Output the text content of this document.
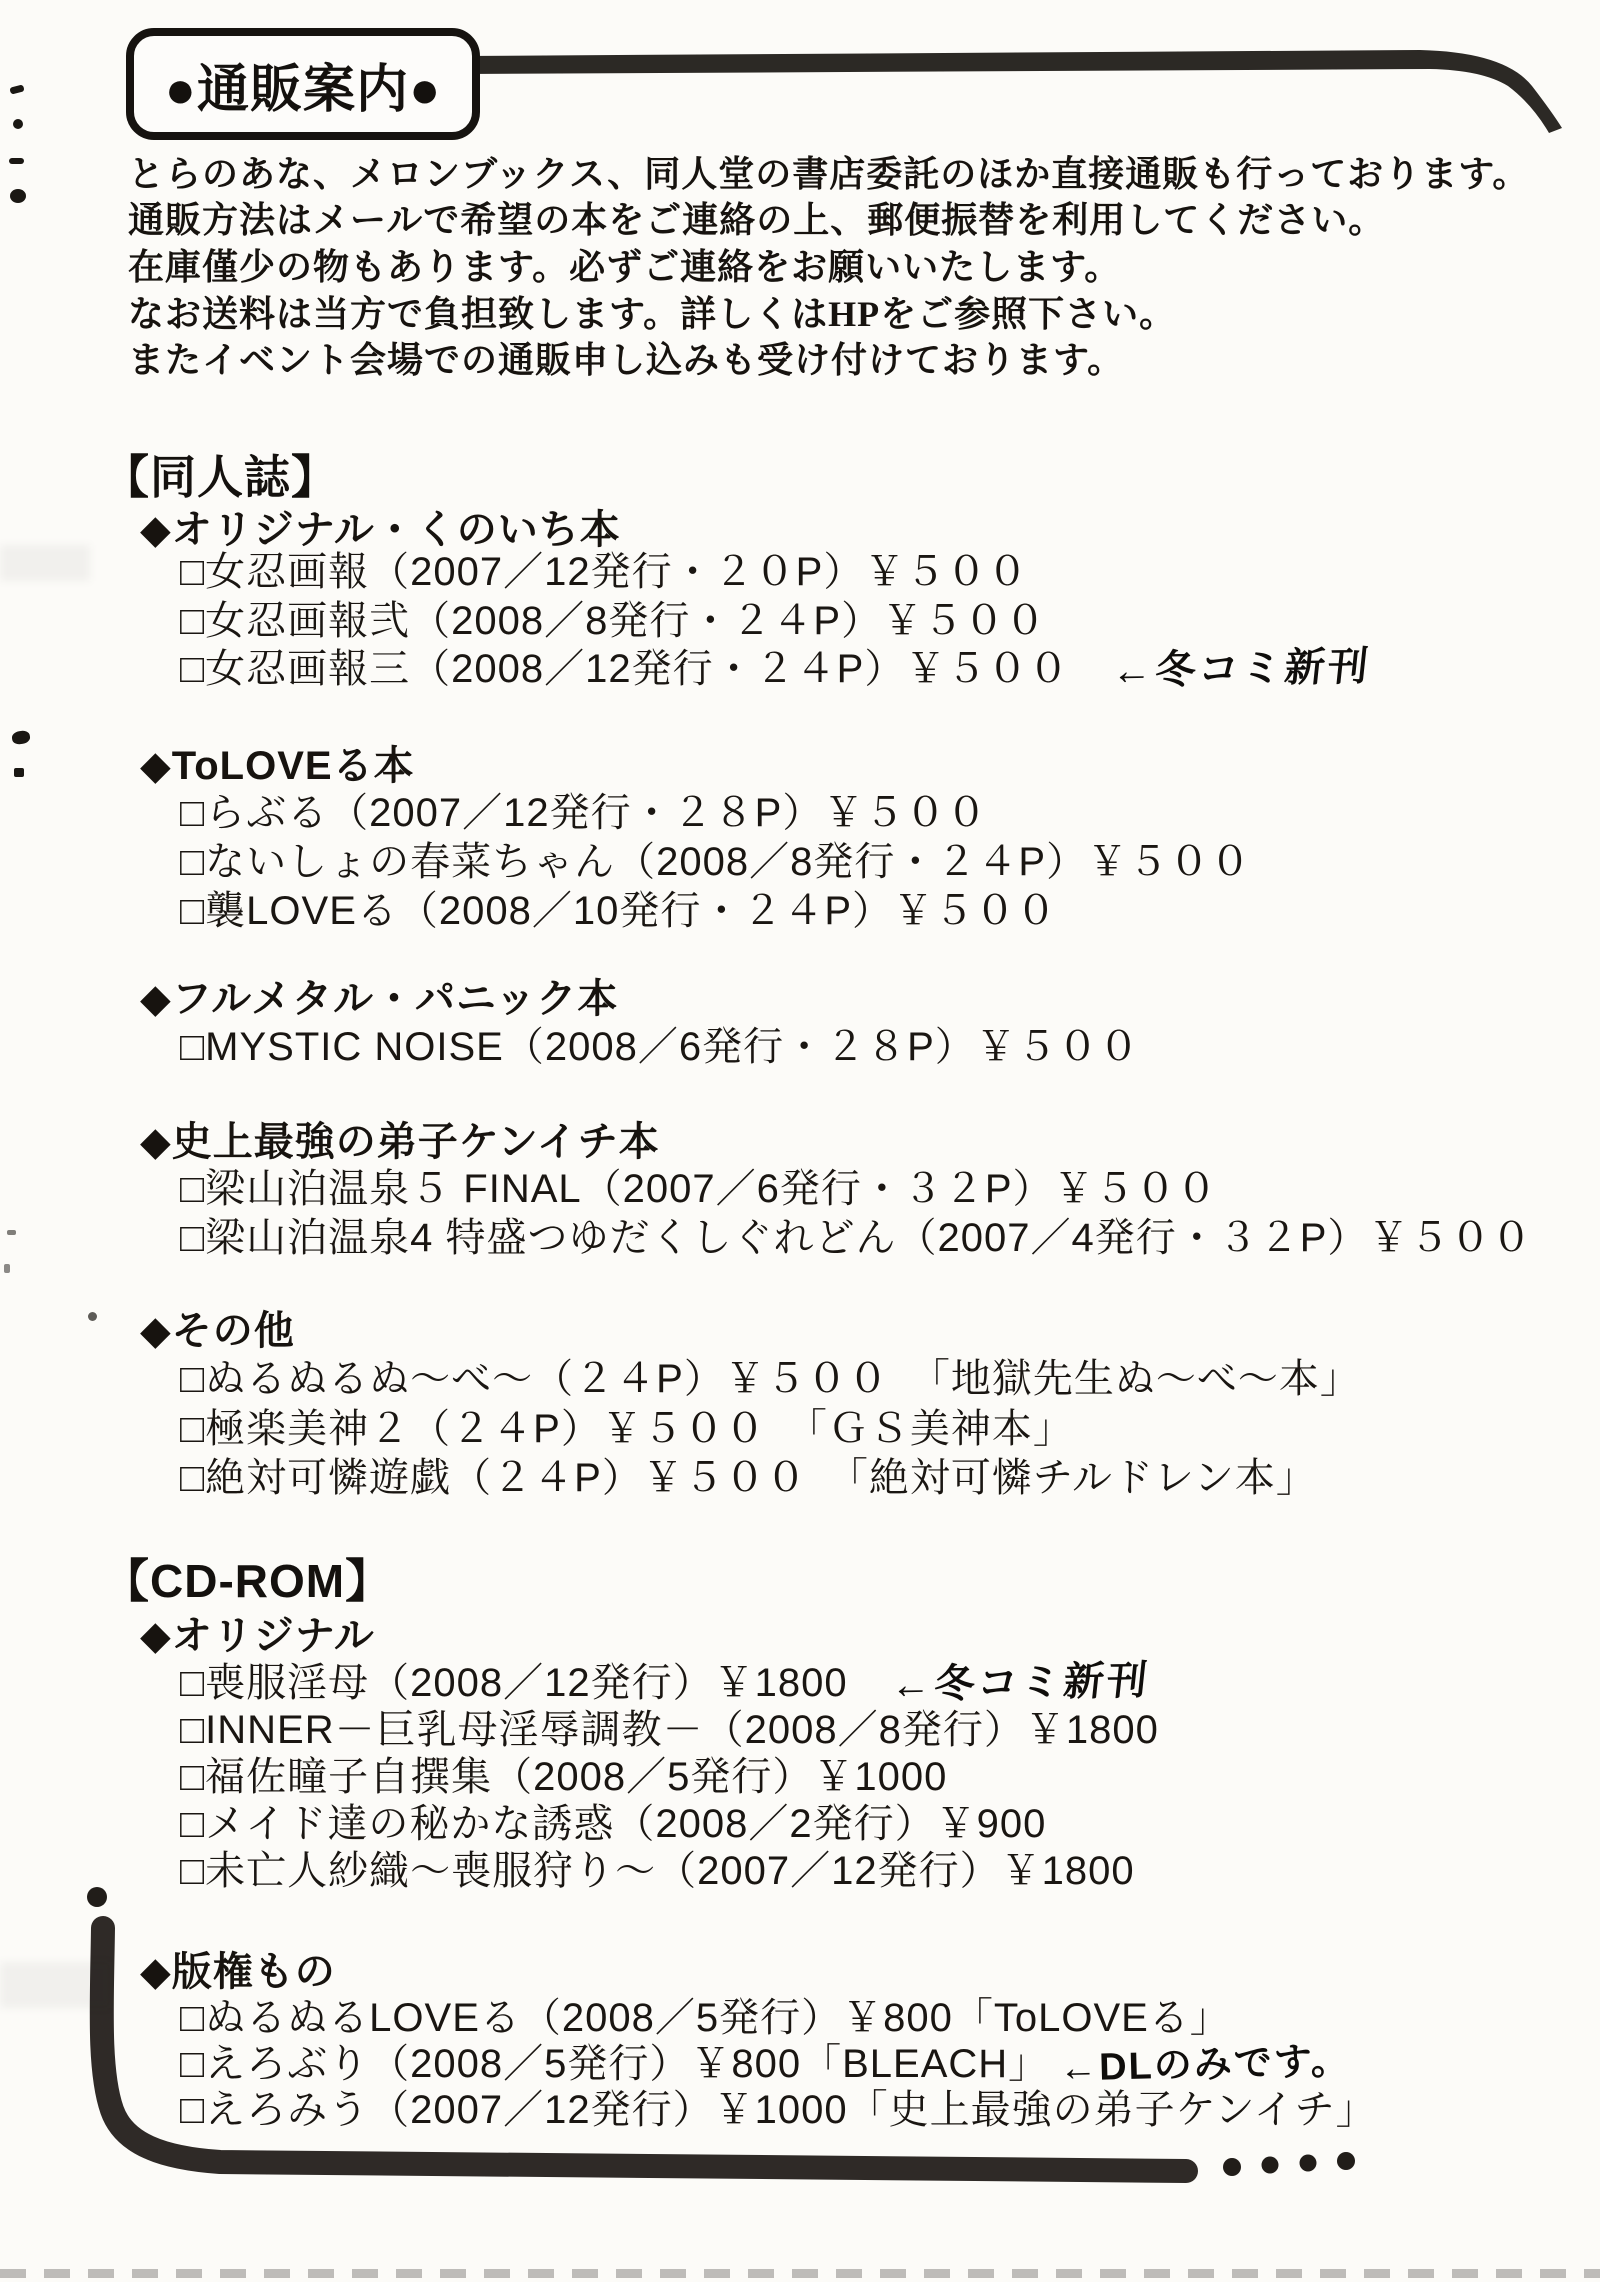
●通販案内●
とらのあな、メロンブックス、同人堂の書店委託のほか直接通販も行っております。
通販方法はメールで希望の本をご連絡の上、郵便振替を利用してください。
在庫僅少の物もあります。必ずご連絡をお願いいたします。
なお送料は当方で負担致します。詳しくはHPをご参照下さい。
またイベント会場での通販申し込みも受け付けております。
【同人誌】
◆オリジナル・くのいち本
□女忍画報（2007／12発行・２０P）￥５００
□女忍画報弐（2008／8発行・２４P）￥５００
□女忍画報三（2008／12発行・２４P）￥５００ ←冬コミ新刊
◆ToLOVEる本
□らぶる（2007／12発行・２８P）￥５００
□ないしょの春菜ちゃん（2008／8発行・２４P）￥５００
□襲LOVEる（2008／10発行・２４P）￥５００
◆フルメタル・パニック本
□MYSTIC NOISE（2008／6発行・２８P）￥５００
◆史上最強の弟子ケンイチ本
□梁山泊温泉５ FINAL（2007／6発行・３２P）￥５００
□梁山泊温泉4 特盛つゆだくしぐれどん（2007／4発行・３２P）￥５００
◆その他
□ぬるぬるぬ～べ～（２４P）￥５００　「地獄先生ぬ～べ～本」
□極楽美神２（２４P）￥５００　「ＧＳ美神本」
□絶対可憐遊戯（２４P）￥５００　「絶対可憐チルドレン本」
【CD-ROM】
◆オリジナル
□喪服淫母（2008／12発行）￥1800 ←冬コミ新刊
□INNER－巨乳母淫辱調教－（2008／8発行）￥1800
□福佐瞳子自撰集（2008／5発行）￥1000
□メイド達の秘かな誘惑（2008／2発行）￥900
□未亡人紗織～喪服狩り～（2007／12発行）￥1800
◆版権もの
□ぬるぬるLOVEる（2008／5発行）￥800「ToLOVEる」
□えろぶり（2008／5発行）￥800「BLEACH」 ←DLのみです。
□えろみう（2007／12発行）￥1000「史上最強の弟子ケンイチ」
